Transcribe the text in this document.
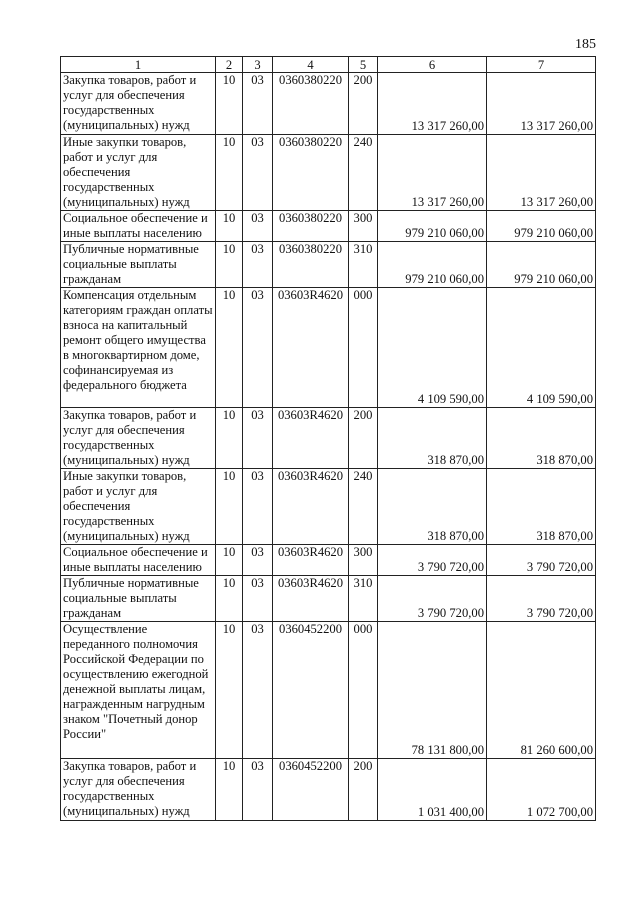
185
1	2	3	4	5	6	7
Закупка товаров, работ и услуг для обеспечения государственных (муниципальных) нужд	10	03	0360380220	200	13 317 260,00	13 317 260,00
Иные закупки товаров, работ и услуг для обеспечения государственных (муниципальных) нужд	10	03	0360380220	240	13 317 260,00	13 317 260,00
Социальное обеспечение и иные выплаты населению	10	03	0360380220	300	979 210 060,00	979 210 060,00
Публичные нормативные социальные выплаты гражданам	10	03	0360380220	310	979 210 060,00	979 210 060,00
Компенсация отдельным категориям граждан оплаты взноса на капитальный ремонт общего имущества в многоквартирном доме, софинансируемая из федерального бюджета	10	03	03603R4620	000	4 109 590,00	4 109 590,00
Закупка товаров, работ и услуг для обеспечения государственных (муниципальных) нужд	10	03	03603R4620	200	318 870,00	318 870,00
Иные закупки товаров, работ и услуг для обеспечения государственных (муниципальных) нужд	10	03	03603R4620	240	318 870,00	318 870,00
Социальное обеспечение и иные выплаты населению	10	03	03603R4620	300	3 790 720,00	3 790 720,00
Публичные нормативные социальные выплаты гражданам	10	03	03603R4620	310	3 790 720,00	3 790 720,00
Осуществление переданного полномочия Российской Федерации по осуществлению ежегодной денежной выплаты лицам, награжденным нагрудным знаком "Почетный донор России"	10	03	0360452200	000	78 131 800,00	81 260 600,00
Закупка товаров, работ и услуг для обеспечения государственных (муниципальных) нужд	10	03	0360452200	200	1 031 400,00	1 072 700,00
